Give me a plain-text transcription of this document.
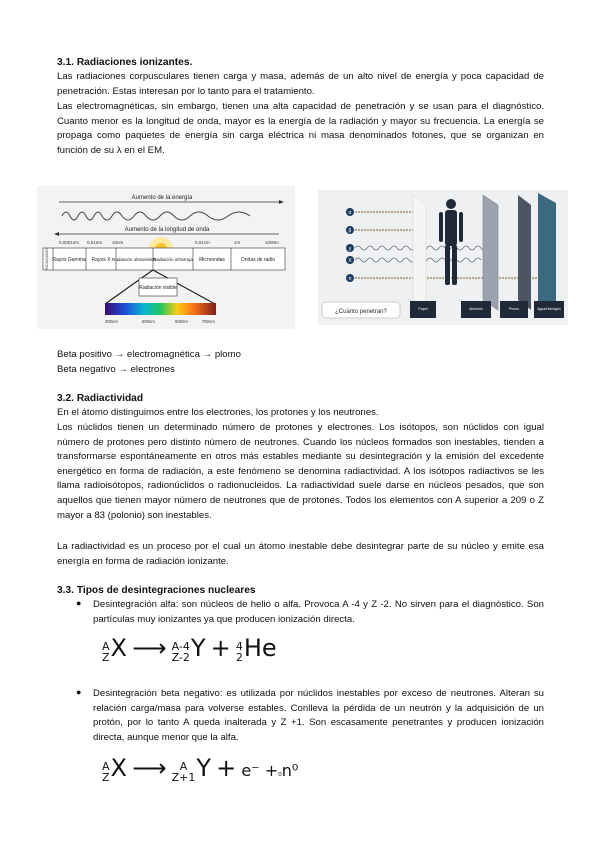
3.1. Radiaciones ionizantes.

Las radiaciones corpusculares tienen carga y masa, además de un alto nivel de energía y poca capacidad de penetración. Estas interesan por lo tanto para el tratamiento.

Las electromagnéticas, sin embargo, tienen una alta capacidad de penetración y se usan para el diagnóstico. Cuanto menor es la longitud de onda, mayor es la energía de la radiación y mayor su frecuencia. La energía se propaga como paquetes de energía sin carga eléctrica ni masa denominados fotones, que se organizan en función de su λ en el EM.

Aumento de la energía
Aumento de la longitud de onda
0,0001nm 0,01nm 10nm	0,01cm	1m	1000m
RADIACIONES Rayos Gamma Rayos X Radiación ultravioleta
Radiación infrarroja Microondas	Ondas de radio
Radiación visible
300nm	500nm	600nm	750nm
α
β
γ
X
n
¿Cuánto penetran?	Papel	Aluminio	Plomo	Agua/Hormigón

Beta positivo → electromagnética → plomo

Beta negativo → electrones

3.2. Radiactividad

En el átomo distinguimos entre los electrones, los protones y los neutrones.

Los núclidos tienen un determinado número de protones y electrones. Los isótopos, son núclidos con igual número de protones pero distinto número de neutrones. Cuando los núcleos formados son inestables, tienden a transformarse espontáneamente en otros más estables mediante su desintegración y la emisión del excedente energético en forma de radiación, a este fenómeno se denomina radiactividad. A los isótopos radiactivos se les llama radioisótopos, radionúclidos o radionucleidos. La radiactividad suele darse en núcleos pesados, que son aquellos que tienen mayor número de neutrones que de protones. Todos los elementos con A superior a 209 o Z mayor a 83 (polonio) son inestables.

La radiactividad es un proceso por el cual un átomo inestable debe desintegrar parte de su núcleo y emite esa energía en forma de radiación ionizante.

3.3. Tipos de desintegraciones nucleares
● Desintegración alfa: son núcleos de helio o alfa. Provoca A -4 y Z -2. No sirven para el diagnóstico. Son partículas muy ionizantes ya que producen ionización directa.

A
Z X ⟶ A-4
Z-2 Y + 4
2 He
● Desintegración beta negativo: es utilizada por núclidos inestables por exceso de neutrones. Alteran su relación carga/masa para volverse estables. Conlleva la pérdida de un neutrón y la adquisición de un protón, por lo tanto A queda inalterada y Z +1. Son escasamente penetrantes y producen ionización directa, aunque menor que la alfa.

A
Z X ⟶	A
Z+1 Y + e⁻ +₀n⁰
